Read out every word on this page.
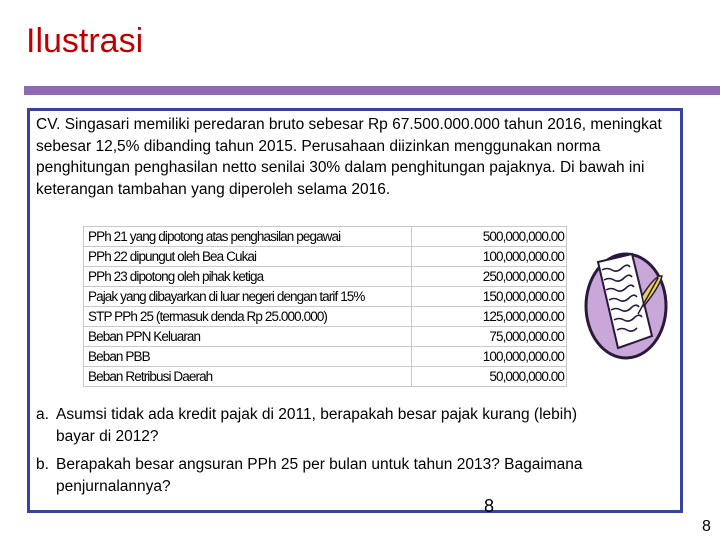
Ilustrasi
CV. Singasari memiliki peredaran bruto sebesar Rp 67.500.000.000 tahun 2016, meningkat sebesar 12,5% dibanding tahun 2015. Perusahaan diizinkan menggunakan norma penghitungan penghasilan netto senilai 30% dalam penghitungan pajaknya. Di bawah ini keterangan tambahan yang diperoleh selama 2016.
PPh 21 yang dipotong atas penghasilan pegawai	500,000,000.00
PPh 22 dipungut oleh Bea Cukai	100,000,000.00
PPh 23 dipotong oleh pihak ketiga	250,000,000.00
Pajak yang dibayarkan di luar negeri dengan tarif 15%	150,000,000.00
STP PPh 25 (termasuk denda Rp 25.000.000)	125,000,000.00
Beban PPN Keluaran	75,000,000.00
Beban PBB	100,000,000.00
Beban Retribusi Daerah	50,000,000.00
a. Asumsi tidak ada kredit pajak di 2011, berapakah besar pajak kurang (lebih)
bayar di 2012?
b. Berapakah besar angsuran PPh 25 per bulan untuk tahun 2013? Bagaimana
penjurnalannya?
8
8
